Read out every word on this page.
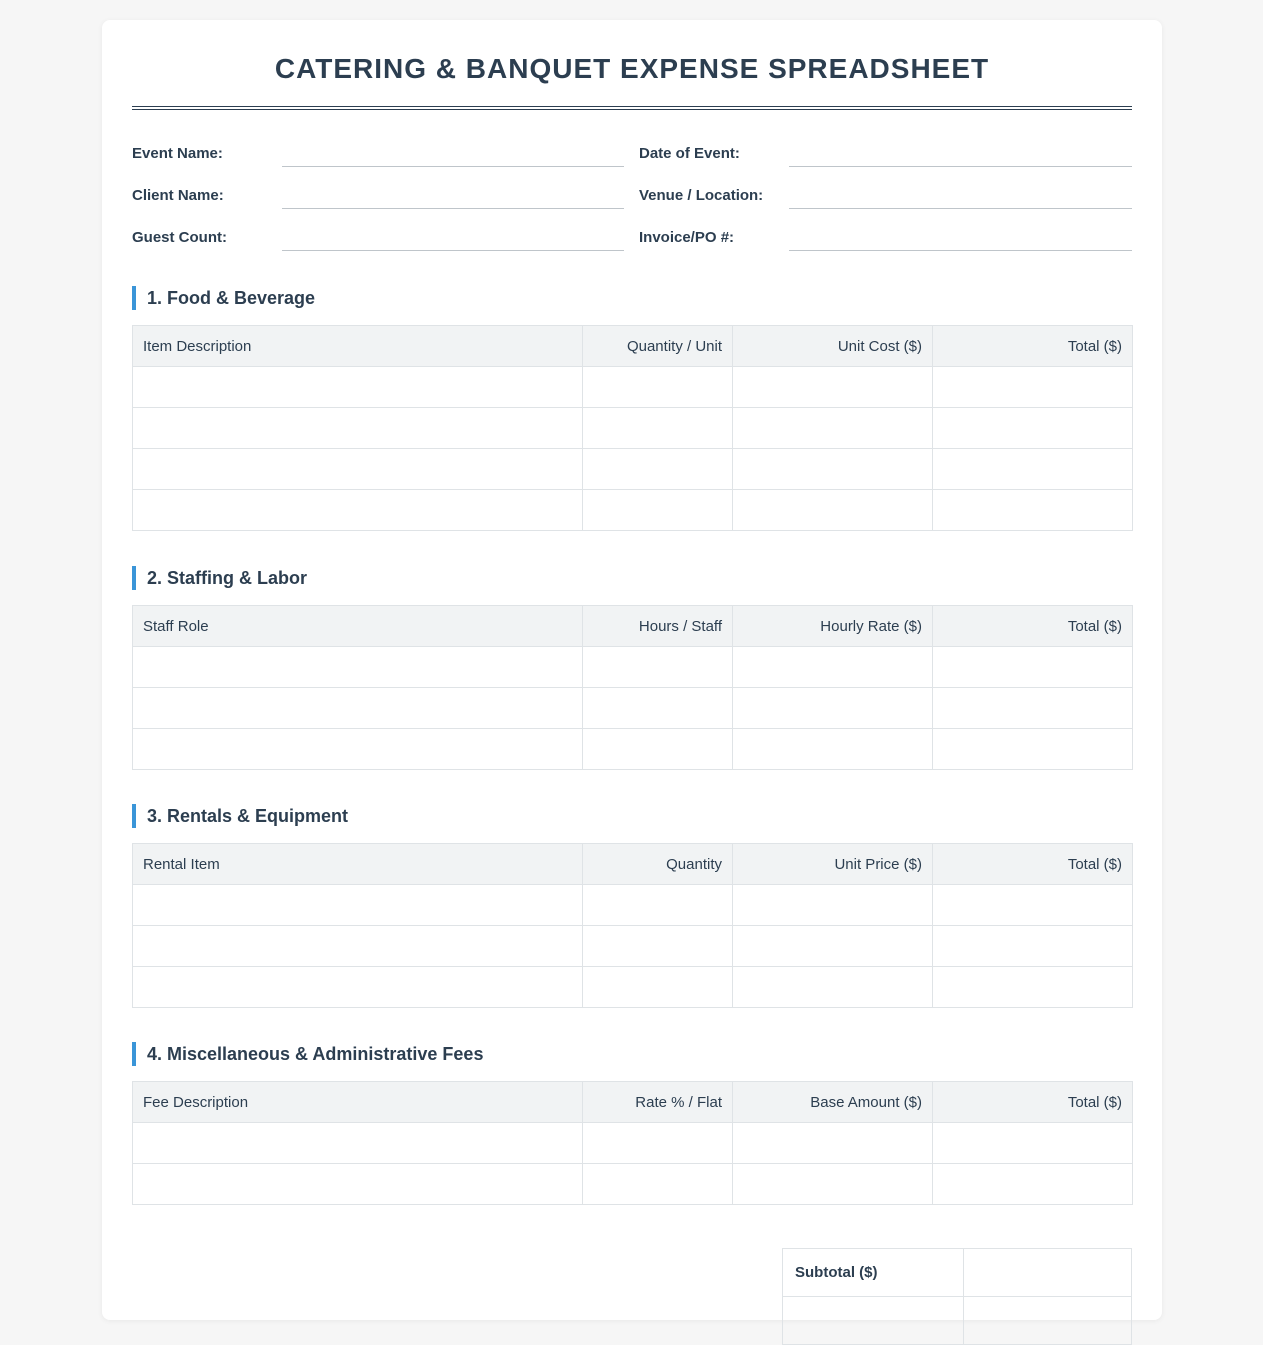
CATERING & BANQUET EXPENSE SPREADSHEET
Event Name:	Date of Event:
Client Name:	Venue / Location:
Guest Count:	Invoice/PO #:
1. Food & Beverage
Item Description	Quantity / Unit	Unit Cost ($)	Total ($)

2. Staffing & Labor
Staff Role	Hours / Staff	Hourly Rate ($)	Total ($)

3. Rentals & Equipment
Rental Item	Quantity	Unit Price ($)	Total ($)

4. Miscellaneous & Administrative Fees
Fee Description	Rate % / Flat	Base Amount ($)	Total ($)

Subtotal ($)	
